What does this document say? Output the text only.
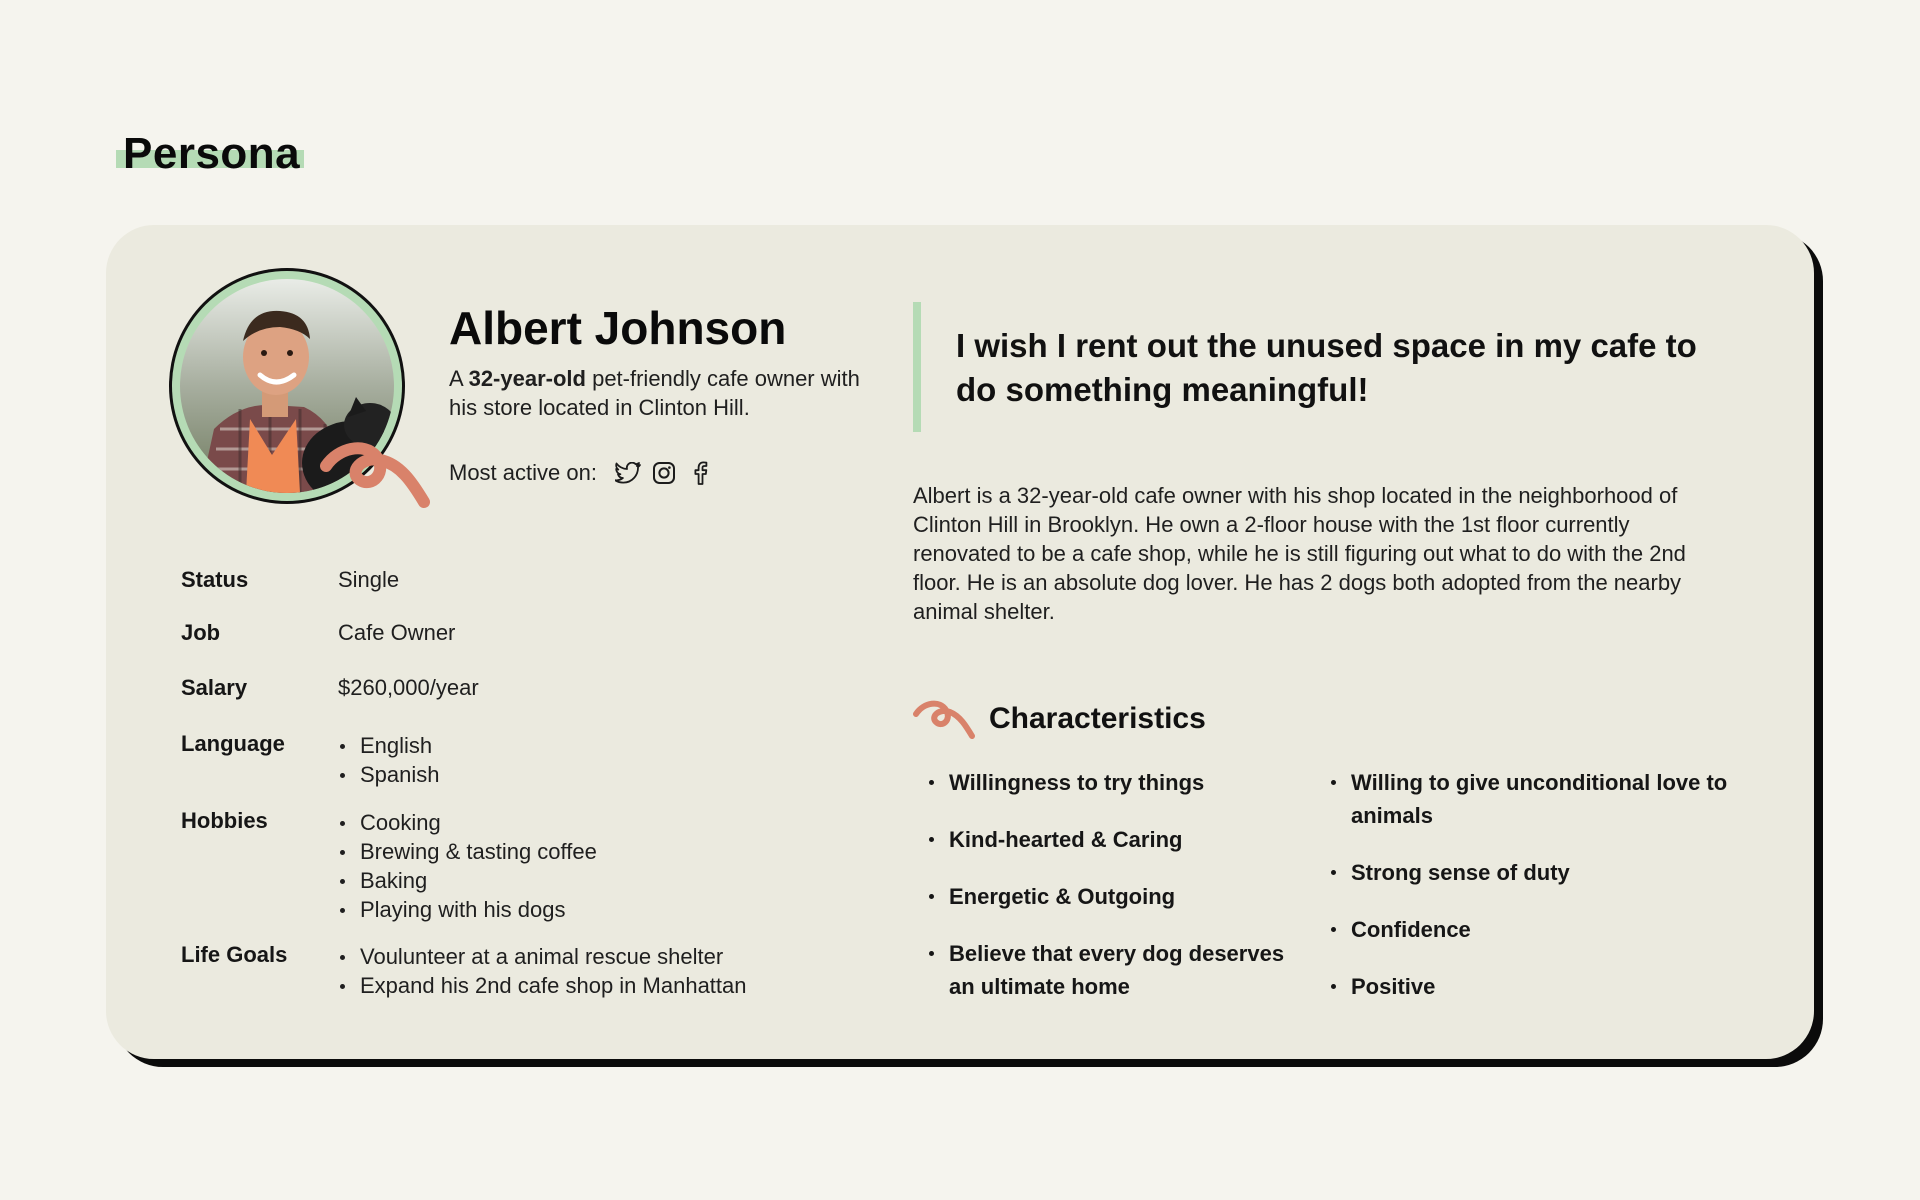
Persona
Albert Johnson
A 32-year-old pet-friendly cafe owner with his store located in Clinton Hill.
Most active on:
Status	Single
Job	Cafe Owner
Salary	$260,000/year
Language	English
Spanish
Hobbies	Cooking
Brewing & tasting coffee
Baking
Playing with his dogs
Life Goals	Voulunteer at a animal rescue shelter
Expand his 2nd cafe shop in Manhattan

I wish I rent out the unused space in my cafe to do something meaningful!

Albert is a 32-year-old cafe owner with his shop located in the neighborhood of Clinton Hill in Brooklyn. He own a 2-floor house with the 1st floor currently renovated to be a cafe shop, while he is still figuring out what to do with the 2nd floor. He is an absolute dog lover. He has 2 dogs both adopted from the nearby animal shelter.

Characteristics
Willingness to try things
Kind-hearted & Caring
Energetic & Outgoing
Believe that every dog deserves an ultimate home
Willing to give unconditional love to animals
Strong sense of duty
Confidence
Positive
